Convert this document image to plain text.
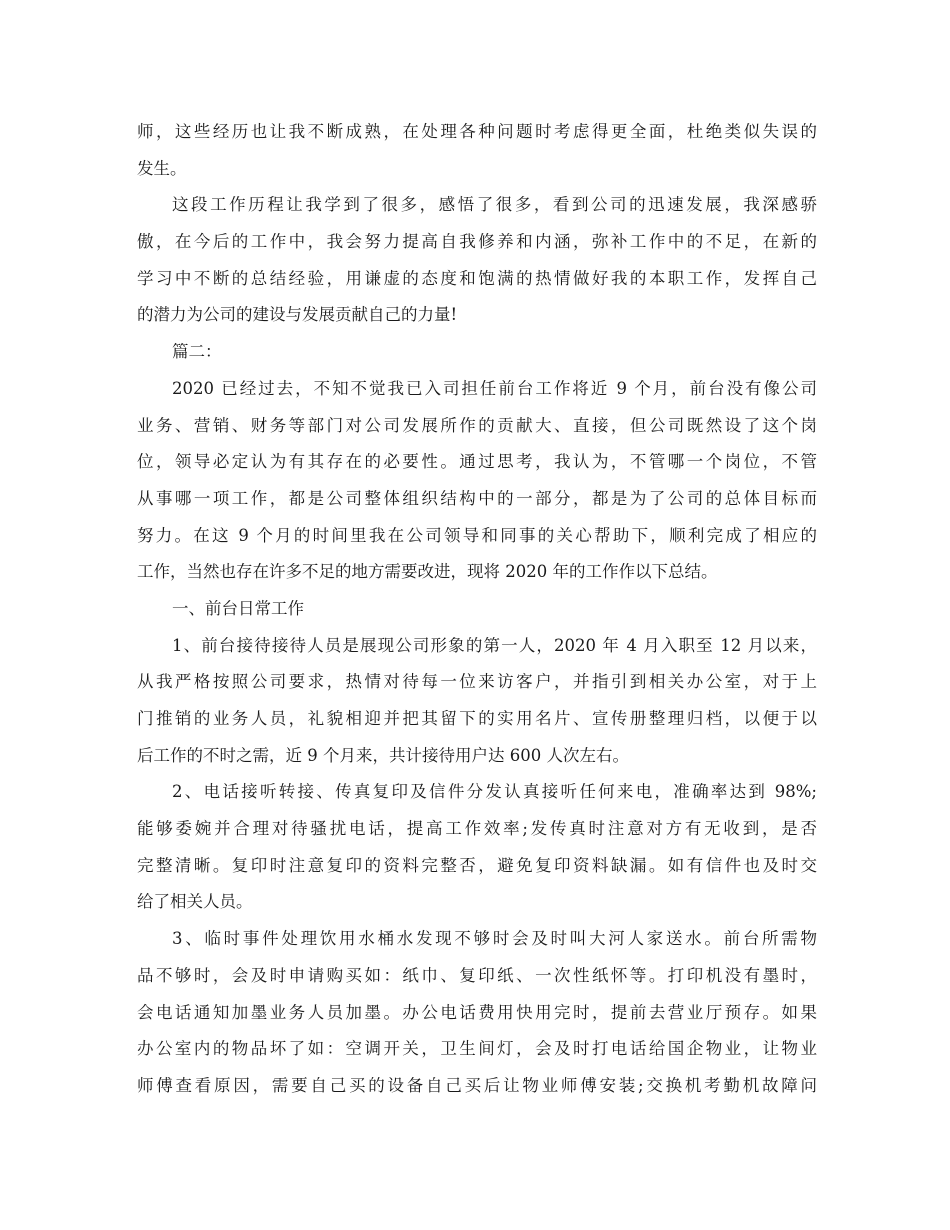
师，这些经历也让我不断成熟，在处理各种问题时考虑得更全面，杜绝类似失误的
发生。
这段工作历程让我学到了很多，感悟了很多，看到公司的迅速发展，我深感骄
傲，在今后的工作中，我会努力提高自我修养和内涵，弥补工作中的不足，在新的
学习中不断的总结经验，用谦虚的态度和饱满的热情做好我的本职工作，发挥自己
的潜力为公司的建设与发展贡献自己的力量!
篇二：
2020 已经过去，不知不觉我已入司担任前台工作将近 9 个月，前台没有像公司
业务、营销、财务等部门对公司发展所作的贡献大、直接，但公司既然设了这个岗
位，领导必定认为有其存在的必要性。通过思考，我认为，不管哪一个岗位，不管
从事哪一项工作，都是公司整体组织结构中的一部分，都是为了公司的总体目标而
努力。在这 9 个月的时间里我在公司领导和同事的关心帮助下，顺利完成了相应的
工作，当然也存在许多不足的地方需要改进，现将 2020 年的工作作以下总结。
一、前台日常工作
1、前台接待接待人员是展现公司形象的第一人，2020 年 4 月入职至 12 月以来，
从我严格按照公司要求，热情对待每一位来访客户，并指引到相关办公室，对于上
门推销的业务人员，礼貌相迎并把其留下的实用名片、宣传册整理归档，以便于以
后工作的不时之需，近 9 个月来，共计接待用户达 600 人次左右。
2、电话接听转接、传真复印及信件分发认真接听任何来电，准确率达到 98%;
能够委婉并合理对待骚扰电话，提高工作效率;发传真时注意对方有无收到，是否
完整清晰。复印时注意复印的资料完整否，避免复印资料缺漏。如有信件也及时交
给了相关人员。
3、临时事件处理饮用水桶水发现不够时会及时叫大河人家送水。前台所需物
品不够时，会及时申请购买如：纸巾、复印纸、一次性纸怀等。打印机没有墨时，
会电话通知加墨业务人员加墨。办公电话费用快用完时，提前去营业厅预存。如果
办公室内的物品坏了如：空调开关，卫生间灯，会及时打电话给国企物业，让物业
师傅查看原因，需要自己买的设备自己买后让物业师傅安装;交换机考勤机故障问
